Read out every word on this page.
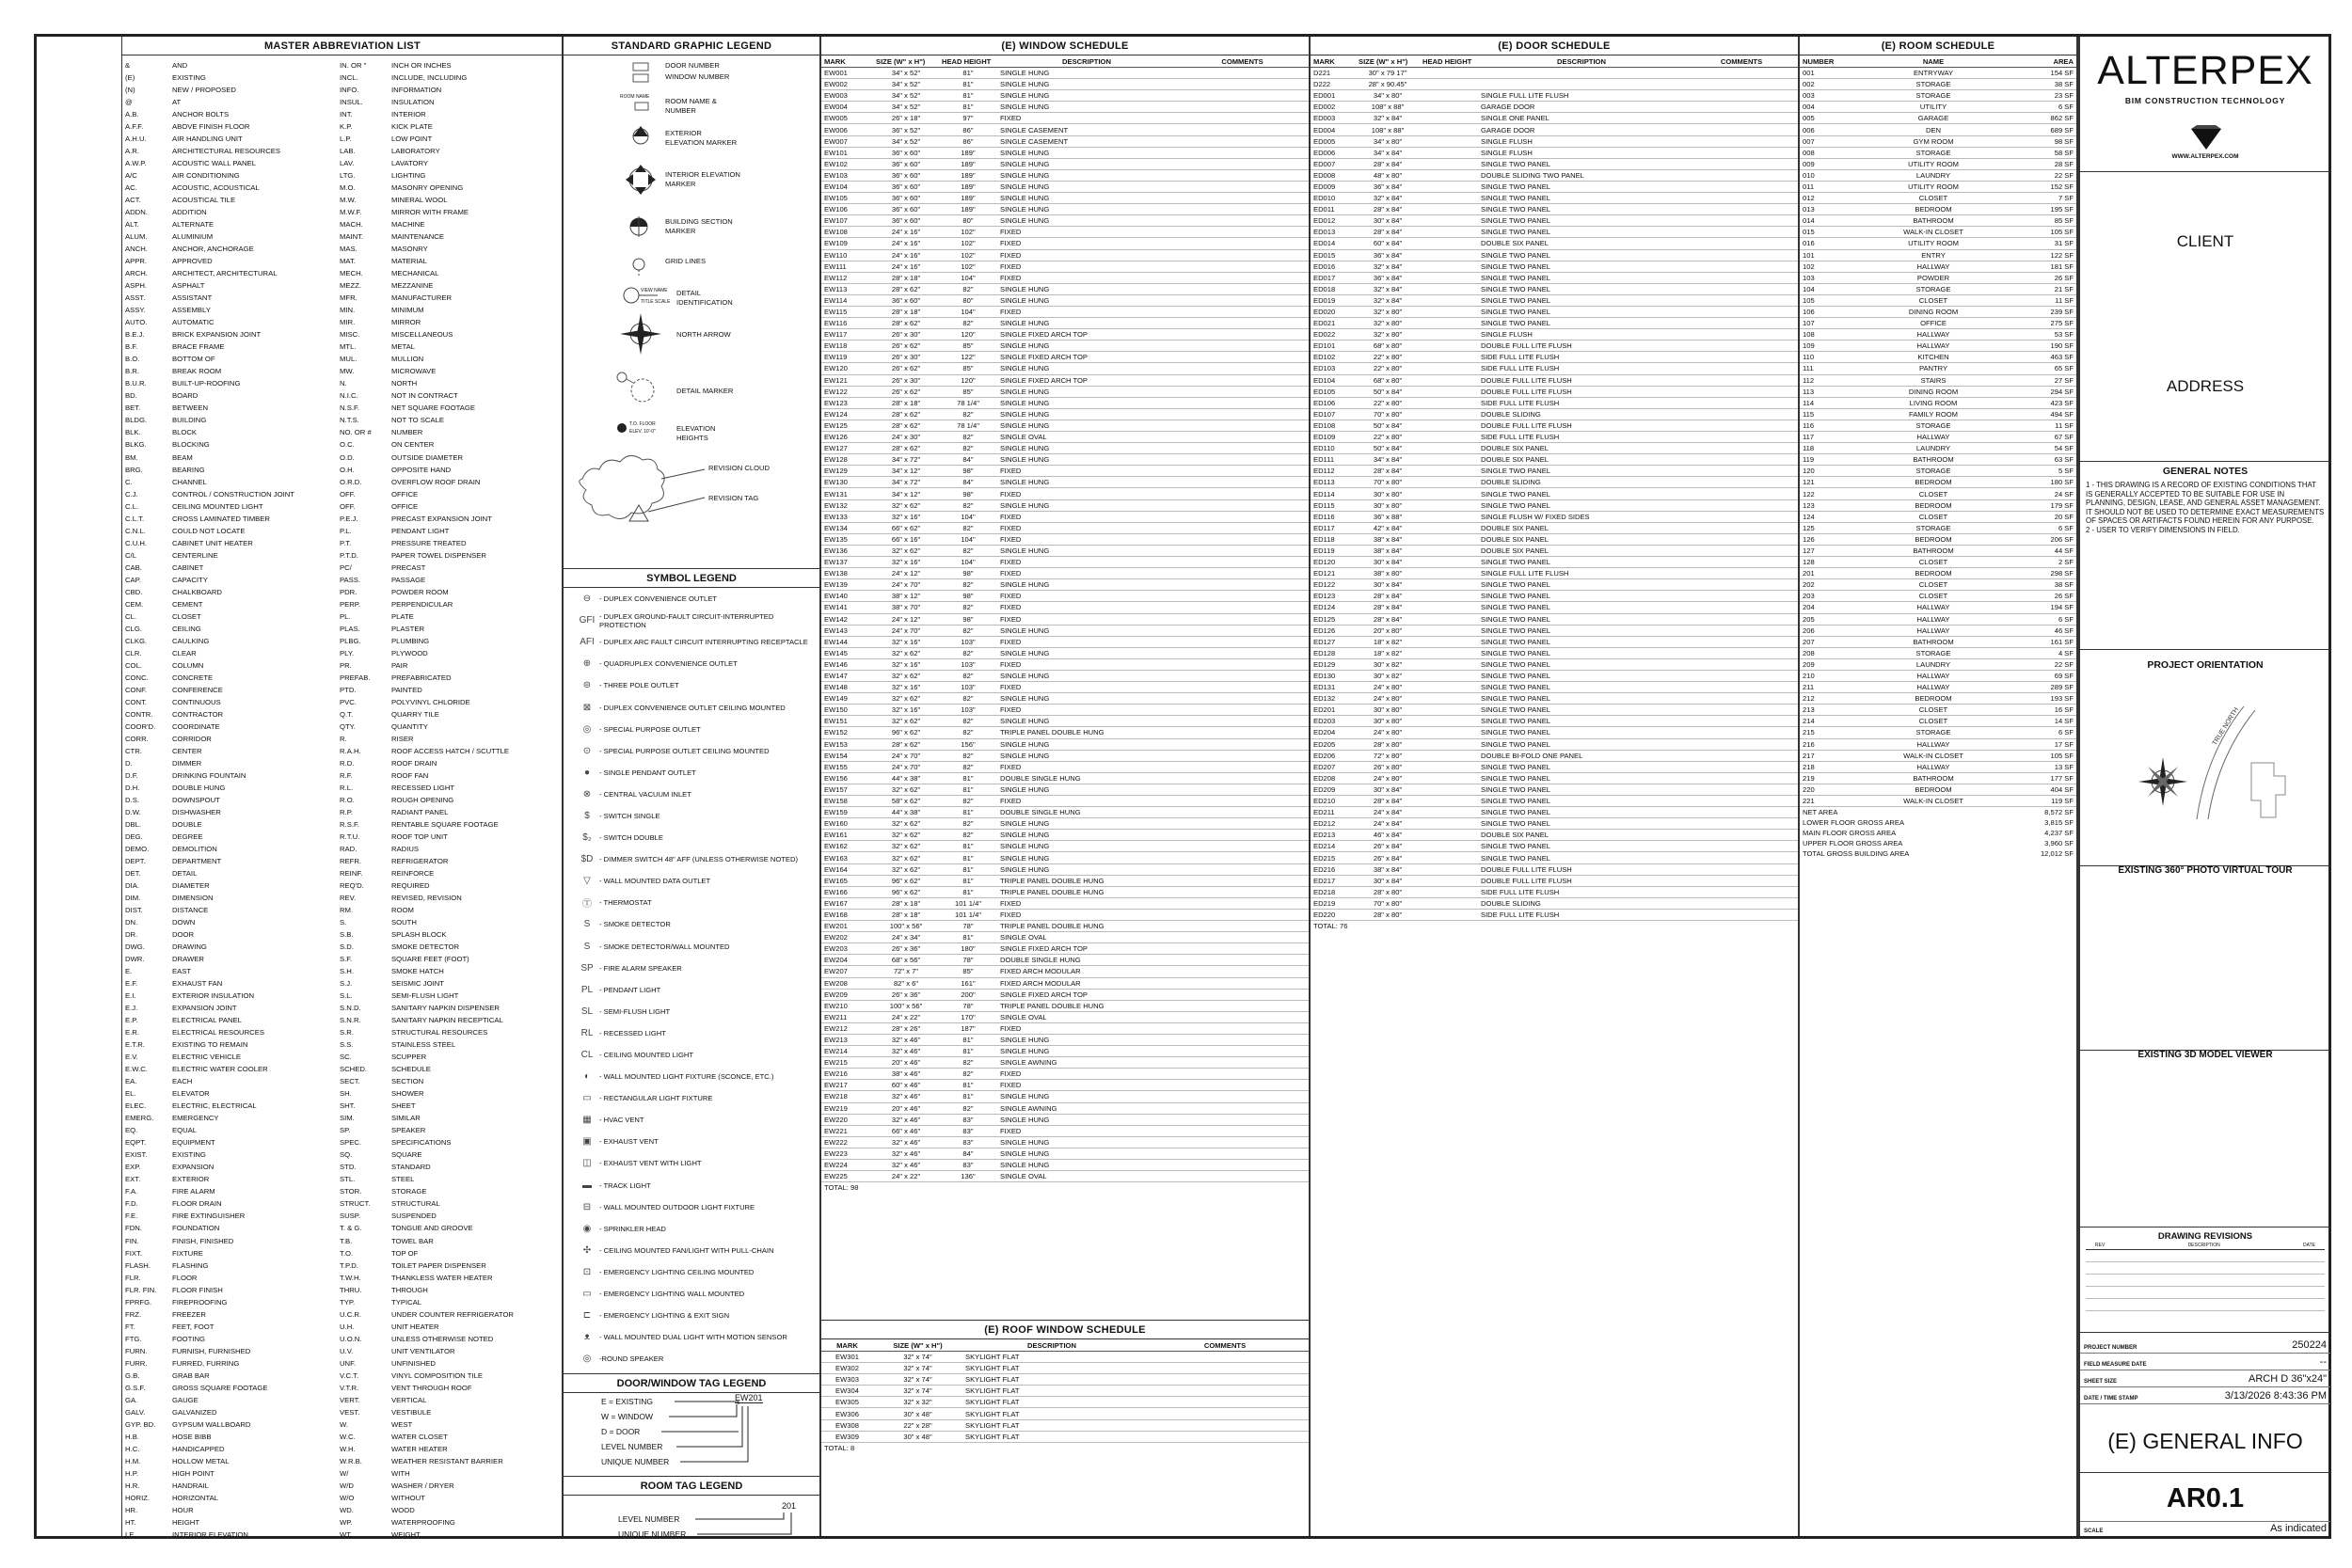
MASTER ABBREVIATION LIST
&	AND	IN. OR "	INCH OR INCHES
(E)	EXISTING	INCL.	INCLUDE, INCLUDING
(N)	NEW / PROPOSED	INFO.	INFORMATION
@	AT	INSUL.	INSULATION
A.B.	ANCHOR BOLTS	INT.	INTERIOR
A.F.F.	ABOVE FINISH FLOOR	K.P.	KICK PLATE
A.H.U.	AIR HANDLING UNIT	L.P.	LOW POINT
A.R.	ARCHITECTURAL RESOURCES	LAB.	LABORATORY
A.W.P.	ACOUSTIC WALL PANEL	LAV.	LAVATORY
A/C	AIR CONDITIONING	LTG.	LIGHTING
AC.	ACOUSTIC, ACOUSTICAL	M.O.	MASONRY OPENING
ACT.	ACOUSTICAL TILE	M.W.	MINERAL WOOL
ADDN.	ADDITION	M.W.F.	MIRROR WITH FRAME
ALT.	ALTERNATE	MACH.	MACHINE
ALUM.	ALUMINIUM	MAINT.	MAINTENANCE
ANCH.	ANCHOR, ANCHORAGE	MAS.	MASONRY
APPR.	APPROVED	MAT.	MATERIAL
ARCH.	ARCHITECT, ARCHITECTURAL	MECH.	MECHANICAL
ASPH.	ASPHALT	MEZZ.	MEZZANINE
ASST.	ASSISTANT	MFR.	MANUFACTURER
ASSY.	ASSEMBLY	MIN.	MINIMUM
AUTO.	AUTOMATIC	MIR.	MIRROR
B.E.J.	BRICK EXPANSION JOINT	MISC.	MISCELLANEOUS
B.F.	BRACE FRAME	MTL.	METAL
B.O.	BOTTOM OF	MUL.	MULLION
B.R.	BREAK ROOM	MW.	MICROWAVE
B.U.R.	BUILT-UP-ROOFING	N.	NORTH
BD.	BOARD	N.I.C.	NOT IN CONTRACT
BET.	BETWEEN	N.S.F.	NET SQUARE FOOTAGE
BLDG.	BUILDING	N.T.S.	NOT TO SCALE
BLK.	BLOCK	NO. OR #	NUMBER
BLKG.	BLOCKING	O.C.	ON CENTER
BM.	BEAM	O.D.	OUTSIDE DIAMETER
BRG.	BEARING	O.H.	OPPOSITE HAND
C.	CHANNEL	O.R.D.	OVERFLOW ROOF DRAIN
C.J.	CONTROL / CONSTRUCTION JOINT	OFF.	OFFICE
C.L.	CEILING MOUNTED LIGHT	OFF.	OFFICE
C.L.T.	CROSS LAMINATED TIMBER	P.E.J.	PRECAST EXPANSION JOINT
C.N.L.	COULD NOT LOCATE	P.L.	PENDANT LIGHT
C.U.H.	CABINET UNIT HEATER	P.T.	PRESSURE TREATED
C/L	CENTERLINE	P.T.D.	PAPER TOWEL DISPENSER
CAB.	CABINET	PC/	PRECAST
CAP.	CAPACITY	PASS.	PASSAGE
CBD.	CHALKBOARD	PDR.	POWDER ROOM
CEM.	CEMENT	PERP.	PERPENDICULAR
CL.	CLOSET	PL.	PLATE
CLG.	CEILING	PLAS.	PLASTER
CLKG.	CAULKING	PLBG.	PLUMBING
CLR.	CLEAR	PLY.	PLYWOOD
COL.	COLUMN	PR.	PAIR
CONC.	CONCRETE	PREFAB.	PREFABRICATED
CONF.	CONFERENCE	PTD.	PAINTED
CONT.	CONTINUOUS	PVC.	POLYVINYL CHLORIDE
CONTR.	CONTRACTOR	Q.T.	QUARRY TILE
COOR'D.	COORDINATE	QTY.	QUANTITY
CORR.	CORRIDOR	R.	RISER
CTR.	CENTER	R.A.H.	ROOF ACCESS HATCH / SCUTTLE
D.	DIMMER	R.D.	ROOF DRAIN
D.F.	DRINKING FOUNTAIN	R.F.	ROOF FAN
D.H.	DOUBLE HUNG	R.L.	RECESSED LIGHT
D.S.	DOWNSPOUT	R.O.	ROUGH OPENING
D.W.	DISHWASHER	R.P.	RADIANT PANEL
DBL.	DOUBLE	R.S.F.	RENTABLE SQUARE FOOTAGE
DEG.	DEGREE	R.T.U.	ROOF TOP UNIT
DEMO.	DEMOLITION	RAD.	RADIUS
DEPT.	DEPARTMENT	REFR.	REFRIGERATOR
DET.	DETAIL	REINF.	REINFORCE
DIA.	DIAMETER	REQ'D.	REQUIRED
DIM.	DIMENSION	REV.	REVISED, REVISION
DIST.	DISTANCE	RM.	ROOM
DN.	DOWN	S.	SOUTH
DR.	DOOR	S.B.	SPLASH BLOCK
DWG.	DRAWING	S.D.	SMOKE DETECTOR
DWR.	DRAWER	S.F.	SQUARE FEET (FOOT)
E.	EAST	S.H.	SMOKE HATCH
E.F.	EXHAUST FAN	S.J.	SEISMIC JOINT
E.I.	EXTERIOR INSULATION	S.L.	SEMI-FLUSH LIGHT
E.J.	EXPANSION JOINT	S.N.D.	SANITARY NAPKIN DISPENSER
E.P.	ELECTRICAL PANEL	S.N.R.	SANITARY NAPKIN RECEPTICAL
E.R.	ELECTRICAL RESOURCES	S.R.	STRUCTURAL RESOURCES
E.T.R.	EXISTING TO REMAIN	S.S.	STAINLESS STEEL
E.V.	ELECTRIC VEHICLE	SC.	SCUPPER
E.W.C.	ELECTRIC WATER COOLER	SCHED.	SCHEDULE
EA.	EACH	SECT.	SECTION
EL.	ELEVATOR	SH.	SHOWER
ELEC.	ELECTRIC, ELECTRICAL	SHT.	SHEET
EMERG.	EMERGENCY	SIM.	SIMILAR
EQ.	EQUAL	SP.	SPEAKER
EQPT.	EQUIPMENT	SPEC.	SPECIFICATIONS
EXIST.	EXISTING	SQ.	SQUARE
EXP.	EXPANSION	STD.	STANDARD
EXT.	EXTERIOR	STL.	STEEL
F.A.	FIRE ALARM	STOR.	STORAGE
F.D.	FLOOR DRAIN	STRUCT.	STRUCTURAL
F.E.	FIRE EXTINGUISHER	SUSP.	SUSPENDED
FDN.	FOUNDATION	T. & G.	TONGUE AND GROOVE
FIN.	FINISH, FINISHED	T.B.	TOWEL BAR
FIXT.	FIXTURE	T.O.	TOP OF
FLASH.	FLASHING	T.P.D.	TOILET PAPER DISPENSER
FLR.	FLOOR	T.W.H.	THANKLESS WATER HEATER
FLR. FIN.	FLOOR FINISH	THRU.	THROUGH
FPRFG.	FIREPROOFING	TYP.	TYPICAL
FRZ.	FREEZER	U.C.R.	UNDER COUNTER REFRIGERATOR
FT.	FEET, FOOT	U.H.	UNIT HEATER
FTG.	FOOTING	U.O.N.	UNLESS OTHERWISE NOTED
FURN.	FURNISH, FURNISHED	U.V.	UNIT VENTILATOR
FURR.	FURRED, FURRING	UNF.	UNFINISHED
G.B.	GRAB BAR	V.C.T.	VINYL COMPOSITION TILE
G.S.F.	GROSS SQUARE FOOTAGE	V.T.R.	VENT THROUGH ROOF
GA.	GAUGE	VERT.	VERTICAL
GALV.	GALVANIZED	VEST.	VESTIBULE
GYP. BD.	GYPSUM WALLBOARD	W.	WEST
H.B.	HOSE BIBB	W.C.	WATER CLOSET
H.C.	HANDICAPPED	W.H.	WATER HEATER
H.M.	HOLLOW METAL	W.R.B.	WEATHER RESISTANT BARRIER
H.P.	HIGH POINT	W/	WITH
H.R.	HANDRAIL	W/D	WASHER / DRYER
HORIZ.	HORIZONTAL	W/O	WITHOUT
HR.	HOUR	WD.	WOOD
HT.	HEIGHT	WP.	WATERPROOFING
I.E.	INTERIOR ELEVATION	WT.	WEIGHT
STANDARD GRAPHIC LEGEND
DOOR NUMBER
WINDOW NUMBER
ROOM NAME ROOM NAME & NUMBER
EXTERIOR ELEVATION MARKER
INTERIOR ELEVATION MARKER
BUILDING SECTION MARKER
GRID LINES
VIEW NAME
TITLE SCALE
DETAIL IDENTIFICATION
NORTH ARROW
DETAIL MARKER
T.O. FLOOR
ELEV. 10'-0"	ELEVATION HEIGHTS
REVISION CLOUD
REVISION TAG
SYMBOL LEGEND
⊖	- DUPLEX CONVENIENCE OUTLET
GFI - DUPLEX GROUND-FAULT CIRCUIT-INTERRUPTED PROTECTION
AFI - DUPLEX ARC FAULT CIRCUIT INTERRUPTING RECEPTACLE
⊕	- QUADRUPLEX CONVENIENCE OUTLET
⊜	- THREE POLE OUTLET
⊠	- DUPLEX CONVENIENCE OUTLET CEILING MOUNTED
◎	- SPECIAL PURPOSE OUTLET
⊙	- SPECIAL PURPOSE OUTLET CEILING MOUNTED
●	- SINGLE PENDANT OUTLET
⊗	- CENTRAL VACUUM INLET
$	- SWITCH SINGLE
$₂	- SWITCH DOUBLE
$D - DIMMER SWITCH 48" AFF (UNLESS OTHERWISE NOTED)
▽	- WALL MOUNTED DATA OUTLET
Ⓣ	- THERMOSTAT
S	- SMOKE DETECTOR
S	- SMOKE DETECTOR/WALL MOUNTED
SP - FIRE ALARM SPEAKER
PL - PENDANT LIGHT
SL - SEMI-FLUSH LIGHT
RL - RECESSED LIGHT
CL - CEILING MOUNTED LIGHT
◐	- WALL MOUNTED LIGHT FIXTURE (SCONCE, ETC.)
▭	- RECTANGULAR LIGHT FIXTURE
▦	- HVAC VENT
▣	- EXHAUST VENT
◫	- EXHAUST VENT WITH LIGHT
▬	- TRACK LIGHT
⊟	- WALL MOUNTED OUTDOOR LIGHT FIXTURE
◉	- SPRINKLER HEAD
✣	- CEILING MOUNTED FAN/LIGHT WITH PULL-CHAIN
⊡	- EMERGENCY LIGHTING CEILING MOUNTED
▭	- EMERGENCY LIGHTING WALL MOUNTED
⊏	- EMERGENCY LIGHTING & EXIT SIGN
ᴥ	- WALL MOUNTED DUAL LIGHT WITH MOTION SENSOR
◎	-ROUND SPEAKER
DOOR/WINDOW TAG LEGEND
E = EXISTING
W = WINDOW
D = DOOR
LEVEL NUMBER
UNIQUE NUMBER
EW201
ROOM TAG LEGEND
LEVEL NUMBER
UNIQUE NUMBER
201
(E) WINDOW SCHEDULE
MARK	SIZE (W" x H")	HEAD HEIGHT	DESCRIPTION	COMMENTS
EW001	34" x 52"	81"	SINGLE HUNG	
EW002	34" x 52"	81"	SINGLE HUNG	
EW003	34" x 52"	81"	SINGLE HUNG	
EW004	34" x 52"	81"	SINGLE HUNG	
EW005	26" x 18"	97"	FIXED	
EW006	36" x 52"	86"	SINGLE CASEMENT	
EW007	34" x 52"	86"	SINGLE CASEMENT	
EW101	36" x 60"	189"	SINGLE HUNG	
EW102	36" x 60"	189"	SINGLE HUNG	
EW103	36" x 60"	189"	SINGLE HUNG	
EW104	36" x 60"	189"	SINGLE HUNG	
EW105	36" x 60"	189"	SINGLE HUNG	
EW106	36" x 60"	189"	SINGLE HUNG	
EW107	36" x 60"	80"	SINGLE HUNG	
EW108	24" x 16"	102"	FIXED	
EW109	24" x 16"	102"	FIXED	
EW110	24" x 16"	102"	FIXED	
EW111	24" x 16"	102"	FIXED	
EW112	28" x 18"	104"	FIXED	
EW113	28" x 62"	82"	SINGLE HUNG	
EW114	36" x 60"	80"	SINGLE HUNG	
EW115	28" x 18"	104"	FIXED	
EW116	28" x 62"	82"	SINGLE HUNG	
EW117	26" x 30"	120"	SINGLE FIXED ARCH TOP	
EW118	26" x 62"	85"	SINGLE HUNG	
EW119	26" x 30"	122"	SINGLE FIXED ARCH TOP	
EW120	26" x 62"	85"	SINGLE HUNG	
EW121	26" x 30"	120"	SINGLE FIXED ARCH TOP	
EW122	26" x 62"	85"	SINGLE HUNG	
EW123	28" x 18"	78 1/4"	SINGLE HUNG	
EW124	28" x 62"	82"	SINGLE HUNG	
EW125	28" x 62"	78 1/4"	SINGLE HUNG	
EW126	24" x 30"	82"	SINGLE OVAL	
EW127	28" x 62"	82"	SINGLE HUNG	
EW128	34" x 72"	84"	SINGLE HUNG	
EW129	34" x 12"	98"	FIXED	
EW130	34" x 72"	84"	SINGLE HUNG	
EW131	34" x 12"	98"	FIXED	
EW132	32" x 62"	82"	SINGLE HUNG	
EW133	32" x 16"	104"	FIXED	
EW134	66" x 62"	82"	FIXED	
EW135	66" x 16"	104"	FIXED	
EW136	32" x 62"	82"	SINGLE HUNG	
EW137	32" x 16"	104"	FIXED	
EW138	24" x 12"	98"	FIXED	
EW139	24" x 70"	82"	SINGLE HUNG	
EW140	38" x 12"	98"	FIXED	
EW141	38" x 70"	82"	FIXED	
EW142	24" x 12"	98"	FIXED	
EW143	24" x 70"	82"	SINGLE HUNG	
EW144	32" x 16"	103"	FIXED	
EW145	32" x 62"	82"	SINGLE HUNG	
EW146	32" x 16"	103"	FIXED	
EW147	32" x 62"	82"	SINGLE HUNG	
EW148	32" x 16"	103"	FIXED	
EW149	32" x 62"	82"	SINGLE HUNG	
EW150	32" x 16"	103"	FIXED	
EW151	32" x 62"	82"	SINGLE HUNG	
EW152	96" x 62"	82"	TRIPLE PANEL DOUBLE HUNG	
EW153	28" x 62"	156"	SINGLE HUNG	
EW154	24" x 70"	82"	SINGLE HUNG	
EW155	24" x 70"	82"	FIXED	
EW156	44" x 38"	81"	DOUBLE SINGLE HUNG	
EW157	32" x 62"	81"	SINGLE HUNG	
EW158	58" x 62"	82"	FIXED	
EW159	44" x 38"	81"	DOUBLE SINGLE HUNG	
EW160	32" x 62"	82"	SINGLE HUNG	
EW161	32" x 62"	82"	SINGLE HUNG	
EW162	32" x 62"	81"	SINGLE HUNG	
EW163	32" x 62"	81"	SINGLE HUNG	
EW164	32" x 62"	81"	SINGLE HUNG	
EW165	96" x 62"	81"	TRIPLE PANEL DOUBLE HUNG	
EW166	96" x 62"	81"	TRIPLE PANEL DOUBLE HUNG	
EW167	28" x 18"	101 1/4"	FIXED	
EW168	28" x 18"	101 1/4"	FIXED	
EW201	100" x 56"	78"	TRIPLE PANEL DOUBLE HUNG	
EW202	24" x 34"	81"	SINGLE OVAL	
EW203	26" x 36"	180"	SINGLE FIXED ARCH TOP	
EW204	68" x 56"	78"	DOUBLE SINGLE HUNG	
EW207	72" x 7"	85"	FIXED ARCH MODULAR	
EW208	82" x 6"	161"	FIXED ARCH MODULAR	
EW209	26" x 36"	200"	SINGLE FIXED ARCH TOP	
EW210	100" x 56"	78"	TRIPLE PANEL DOUBLE HUNG	
EW211	24" x 22"	170"	SINGLE OVAL	
EW212	28" x 26"	187"	FIXED	
EW213	32" x 46"	81"	SINGLE HUNG	
EW214	32" x 46"	81"	SINGLE HUNG	
EW215	20" x 46"	82"	SINGLE AWNING	
EW216	38" x 46"	82"	FIXED	
EW217	60" x 46"	81"	FIXED	
EW218	32" x 46"	81"	SINGLE HUNG	
EW219	20" x 46"	82"	SINGLE AWNING	
EW220	32" x 46"	83"	SINGLE HUNG	
EW221	66" x 46"	83"	FIXED	
EW222	32" x 46"	83"	SINGLE HUNG	
EW223	32" x 46"	84"	SINGLE HUNG	
EW224	32" x 46"	83"	SINGLE HUNG	
EW225	24" x 22"	136"	SINGLE OVAL	
TOTAL: 98
(E) ROOF WINDOW SCHEDULE
MARK	SIZE (W" x H")	DESCRIPTION	COMMENTS
EW301	32" x 74"	SKYLIGHT FLAT	
EW302	32" x 74"	SKYLIGHT FLAT	
EW303	32" x 74"	SKYLIGHT FLAT	
EW304	32" x 74"	SKYLIGHT FLAT	
EW305	32" x 32"	SKYLIGHT FLAT	
EW306	30" x 48"	SKYLIGHT FLAT	
EW308	22" x 28"	SKYLIGHT FLAT	
EW309	30" x 48"	SKYLIGHT FLAT	
TOTAL: 8
(E) DOOR SCHEDULE
MARK	SIZE (W" x H")	HEAD HEIGHT	DESCRIPTION	COMMENTS
D221	30" x 79 17"			
D222	28" x 90.45"			
ED001	34" x 80"		SINGLE FULL LITE FLUSH	
ED002	108" x 88"		GARAGE DOOR	
ED003	32" x 84"		SINGLE ONE PANEL	
ED004	108" x 88"		GARAGE DOOR	
ED005	34" x 80"		SINGLE FLUSH	
ED006	34" x 84"		SINGLE FLUSH	
ED007	28" x 84"		SINGLE TWO PANEL	
ED008	48" x 80"		DOUBLE SLIDING TWO PANEL	
ED009	36" x 84"		SINGLE TWO PANEL	
ED010	32" x 84"		SINGLE TWO PANEL	
ED011	28" x 84"		SINGLE TWO PANEL	
ED012	30" x 84"		SINGLE TWO PANEL	
ED013	28" x 84"		SINGLE TWO PANEL	
ED014	60" x 84"		DOUBLE SIX PANEL	
ED015	36" x 84"		SINGLE TWO PANEL	
ED016	32" x 84"		SINGLE TWO PANEL	
ED017	36" x 84"		SINGLE TWO PANEL	
ED018	32" x 84"		SINGLE TWO PANEL	
ED019	32" x 84"		SINGLE TWO PANEL	
ED020	32" x 80"		SINGLE TWO PANEL	
ED021	32" x 80"		SINGLE TWO PANEL	
ED022	32" x 80"		SINGLE FLUSH	
ED101	68" x 80"		DOUBLE FULL LITE FLUSH	
ED102	22" x 80"		SIDE FULL LITE FLUSH	
ED103	22" x 80"		SIDE FULL LITE FLUSH	
ED104	68" x 80"		DOUBLE FULL LITE FLUSH	
ED105	50" x 84"		DOUBLE FULL LITE FLUSH	
ED106	22" x 80"		SIDE FULL LITE FLUSH	
ED107	70" x 80"		DOUBLE SLIDING	
ED108	50" x 84"		DOUBLE FULL LITE FLUSH	
ED109	22" x 80"		SIDE FULL LITE FLUSH	
ED110	50" x 84"		DOUBLE SIX PANEL	
ED111	34" x 84"		DOUBLE SIX PANEL	
ED112	28" x 84"		SINGLE TWO PANEL	
ED113	70" x 80"		DOUBLE SLIDING	
ED114	30" x 80"		SINGLE TWO PANEL	
ED115	30" x 80"		SINGLE TWO PANEL	
ED116	36" x 88"		SINGLE FLUSH W/ FIXED SIDES	
ED117	42" x 84"		DOUBLE SIX PANEL	
ED118	38" x 84"		DOUBLE SIX PANEL	
ED119	38" x 84"		DOUBLE SIX PANEL	
ED120	30" x 84"		SINGLE TWO PANEL	
ED121	38" x 80"		SINGLE FULL LITE FLUSH	
ED122	30" x 84"		SINGLE TWO PANEL	
ED123	28" x 84"		SINGLE TWO PANEL	
ED124	28" x 84"		SINGLE TWO PANEL	
ED125	28" x 84"		SINGLE TWO PANEL	
ED126	20" x 80"		SINGLE TWO PANEL	
ED127	18" x 82"		SINGLE TWO PANEL	
ED128	18" x 82"		SINGLE TWO PANEL	
ED129	30" x 82"		SINGLE TWO PANEL	
ED130	30" x 82"		SINGLE TWO PANEL	
ED131	24" x 80"		SINGLE TWO PANEL	
ED132	24" x 80"		SINGLE TWO PANEL	
ED201	30" x 80"		SINGLE TWO PANEL	
ED203	30" x 80"		SINGLE TWO PANEL	
ED204	24" x 80"		SINGLE TWO PANEL	
ED205	28" x 80"		SINGLE TWO PANEL	
ED206	72" x 80"		DOUBLE BI-FOLD ONE PANEL	
ED207	26" x 80"		SINGLE TWO PANEL	
ED208	24" x 80"		SINGLE TWO PANEL	
ED209	30" x 84"		SINGLE TWO PANEL	
ED210	28" x 84"		SINGLE TWO PANEL	
ED211	24" x 84"		SINGLE TWO PANEL	
ED212	24" x 84"		SINGLE TWO PANEL	
ED213	46" x 84"		DOUBLE SIX PANEL	
ED214	26" x 84"		SINGLE TWO PANEL	
ED215	26" x 84"		SINGLE TWO PANEL	
ED216	38" x 84"		DOUBLE FULL LITE FLUSH	
ED217	30" x 84"		DOUBLE FULL LITE FLUSH	
ED218	28" x 80"		SIDE FULL LITE FLUSH	
ED219	70" x 80"		DOUBLE SLIDING	
ED220	28" x 80"		SIDE FULL LITE FLUSH	
TOTAL: 76
(E) ROOM SCHEDULE
NUMBER	NAME	AREA
001	ENTRYWAY	154 SF
002	STORAGE	38 SF
003	STORAGE	23 SF
004	UTILITY	6 SF
005	GARAGE	862 SF
006	DEN	689 SF
007	GYM ROOM	98 SF
008	STORAGE	58 SF
009	UTILITY ROOM	28 SF
010	LAUNDRY	22 SF
011	UTILITY ROOM	152 SF
012	CLOSET	7 SF
013	BEDROOM	195 SF
014	BATHROOM	85 SF
015	WALK-IN CLOSET	105 SF
016	UTILITY ROOM	31 SF
101	ENTRY	122 SF
102	HALLWAY	181 SF
103	POWDER	26 SF
104	STORAGE	21 SF
105	CLOSET	11 SF
106	DINING ROOM	239 SF
107	OFFICE	275 SF
108	HALLWAY	53 SF
109	HALLWAY	190 SF
110	KITCHEN	463 SF
111	PANTRY	65 SF
112	STAIRS	27 SF
113	DINING ROOM	294 SF
114	LIVING ROOM	423 SF
115	FAMILY ROOM	494 SF
116	STORAGE	11 SF
117	HALLWAY	67 SF
118	LAUNDRY	54 SF
119	BATHROOM	63 SF
120	STORAGE	5 SF
121	BEDROOM	180 SF
122	CLOSET	24 SF
123	BEDROOM	179 SF
124	CLOSET	20 SF
125	STORAGE	6 SF
126	BEDROOM	206 SF
127	BATHROOM	44 SF
128	CLOSET	2 SF
201	BEDROOM	298 SF
202	CLOSET	38 SF
203	CLOSET	26 SF
204	HALLWAY	194 SF
205	HALLWAY	6 SF
206	HALLWAY	46 SF
207	BATHROOM	161 SF
208	STORAGE	4 SF
209	LAUNDRY	22 SF
210	HALLWAY	69 SF
211	HALLWAY	289 SF
212	BEDROOM	193 SF
213	CLOSET	16 SF
214	CLOSET	14 SF
215	STORAGE	6 SF
216	HALLWAY	17 SF
217	WALK-IN CLOSET	105 SF
218	HALLWAY	13 SF
219	BATHROOM	177 SF
220	BEDROOM	404 SF
221	WALK-IN CLOSET	119 SF
NET AREA	8,572 SF
LOWER FLOOR GROSS AREA	3,815 SF
MAIN FLOOR GROSS AREA	4,237 SF
UPPER FLOOR GROSS AREA	3,960 SF
TOTAL GROSS BUILDING AREA	12,012 SF
ALTERPEX
BIM CONSTRUCTION TECHNOLOGY
WWW.ALTERPEX.COM
CLIENT
ADDRESS
GENERAL NOTES
1 - THIS DRAWING IS A RECORD OF EXISTING CONDITIONS THAT IS GENERALLY ACCEPTED TO BE SUITABLE FOR USE IN PLANNING, DESIGN, LEASE, AND GENERAL ASSET MANAGEMENT. IT SHOULD NOT BE USED TO DETERMINE EXACT MEASUREMENTS OF SPACES OR ARTIFACTS FOUND HEREIN FOR ANY PURPOSE.
2 - USER TO VERIFY DIMENSIONS IN FIELD.
PROJECT ORIENTATION
TRUE NORTH
EXISTING 360° PHOTO VIRTUAL TOUR
EXISTING 3D MODEL VIEWER
DRAWING REVISIONS
REV	DESCRIPTION	DATE
PROJECT NUMBER	250224
FIELD MEASURE DATE	--
SHEET SIZE	ARCH D 36"x24"
DATE / TIME STAMP	3/13/2026 8:43:36 PM
(E) GENERAL INFO
AR0.1
SCALE	As indicated
